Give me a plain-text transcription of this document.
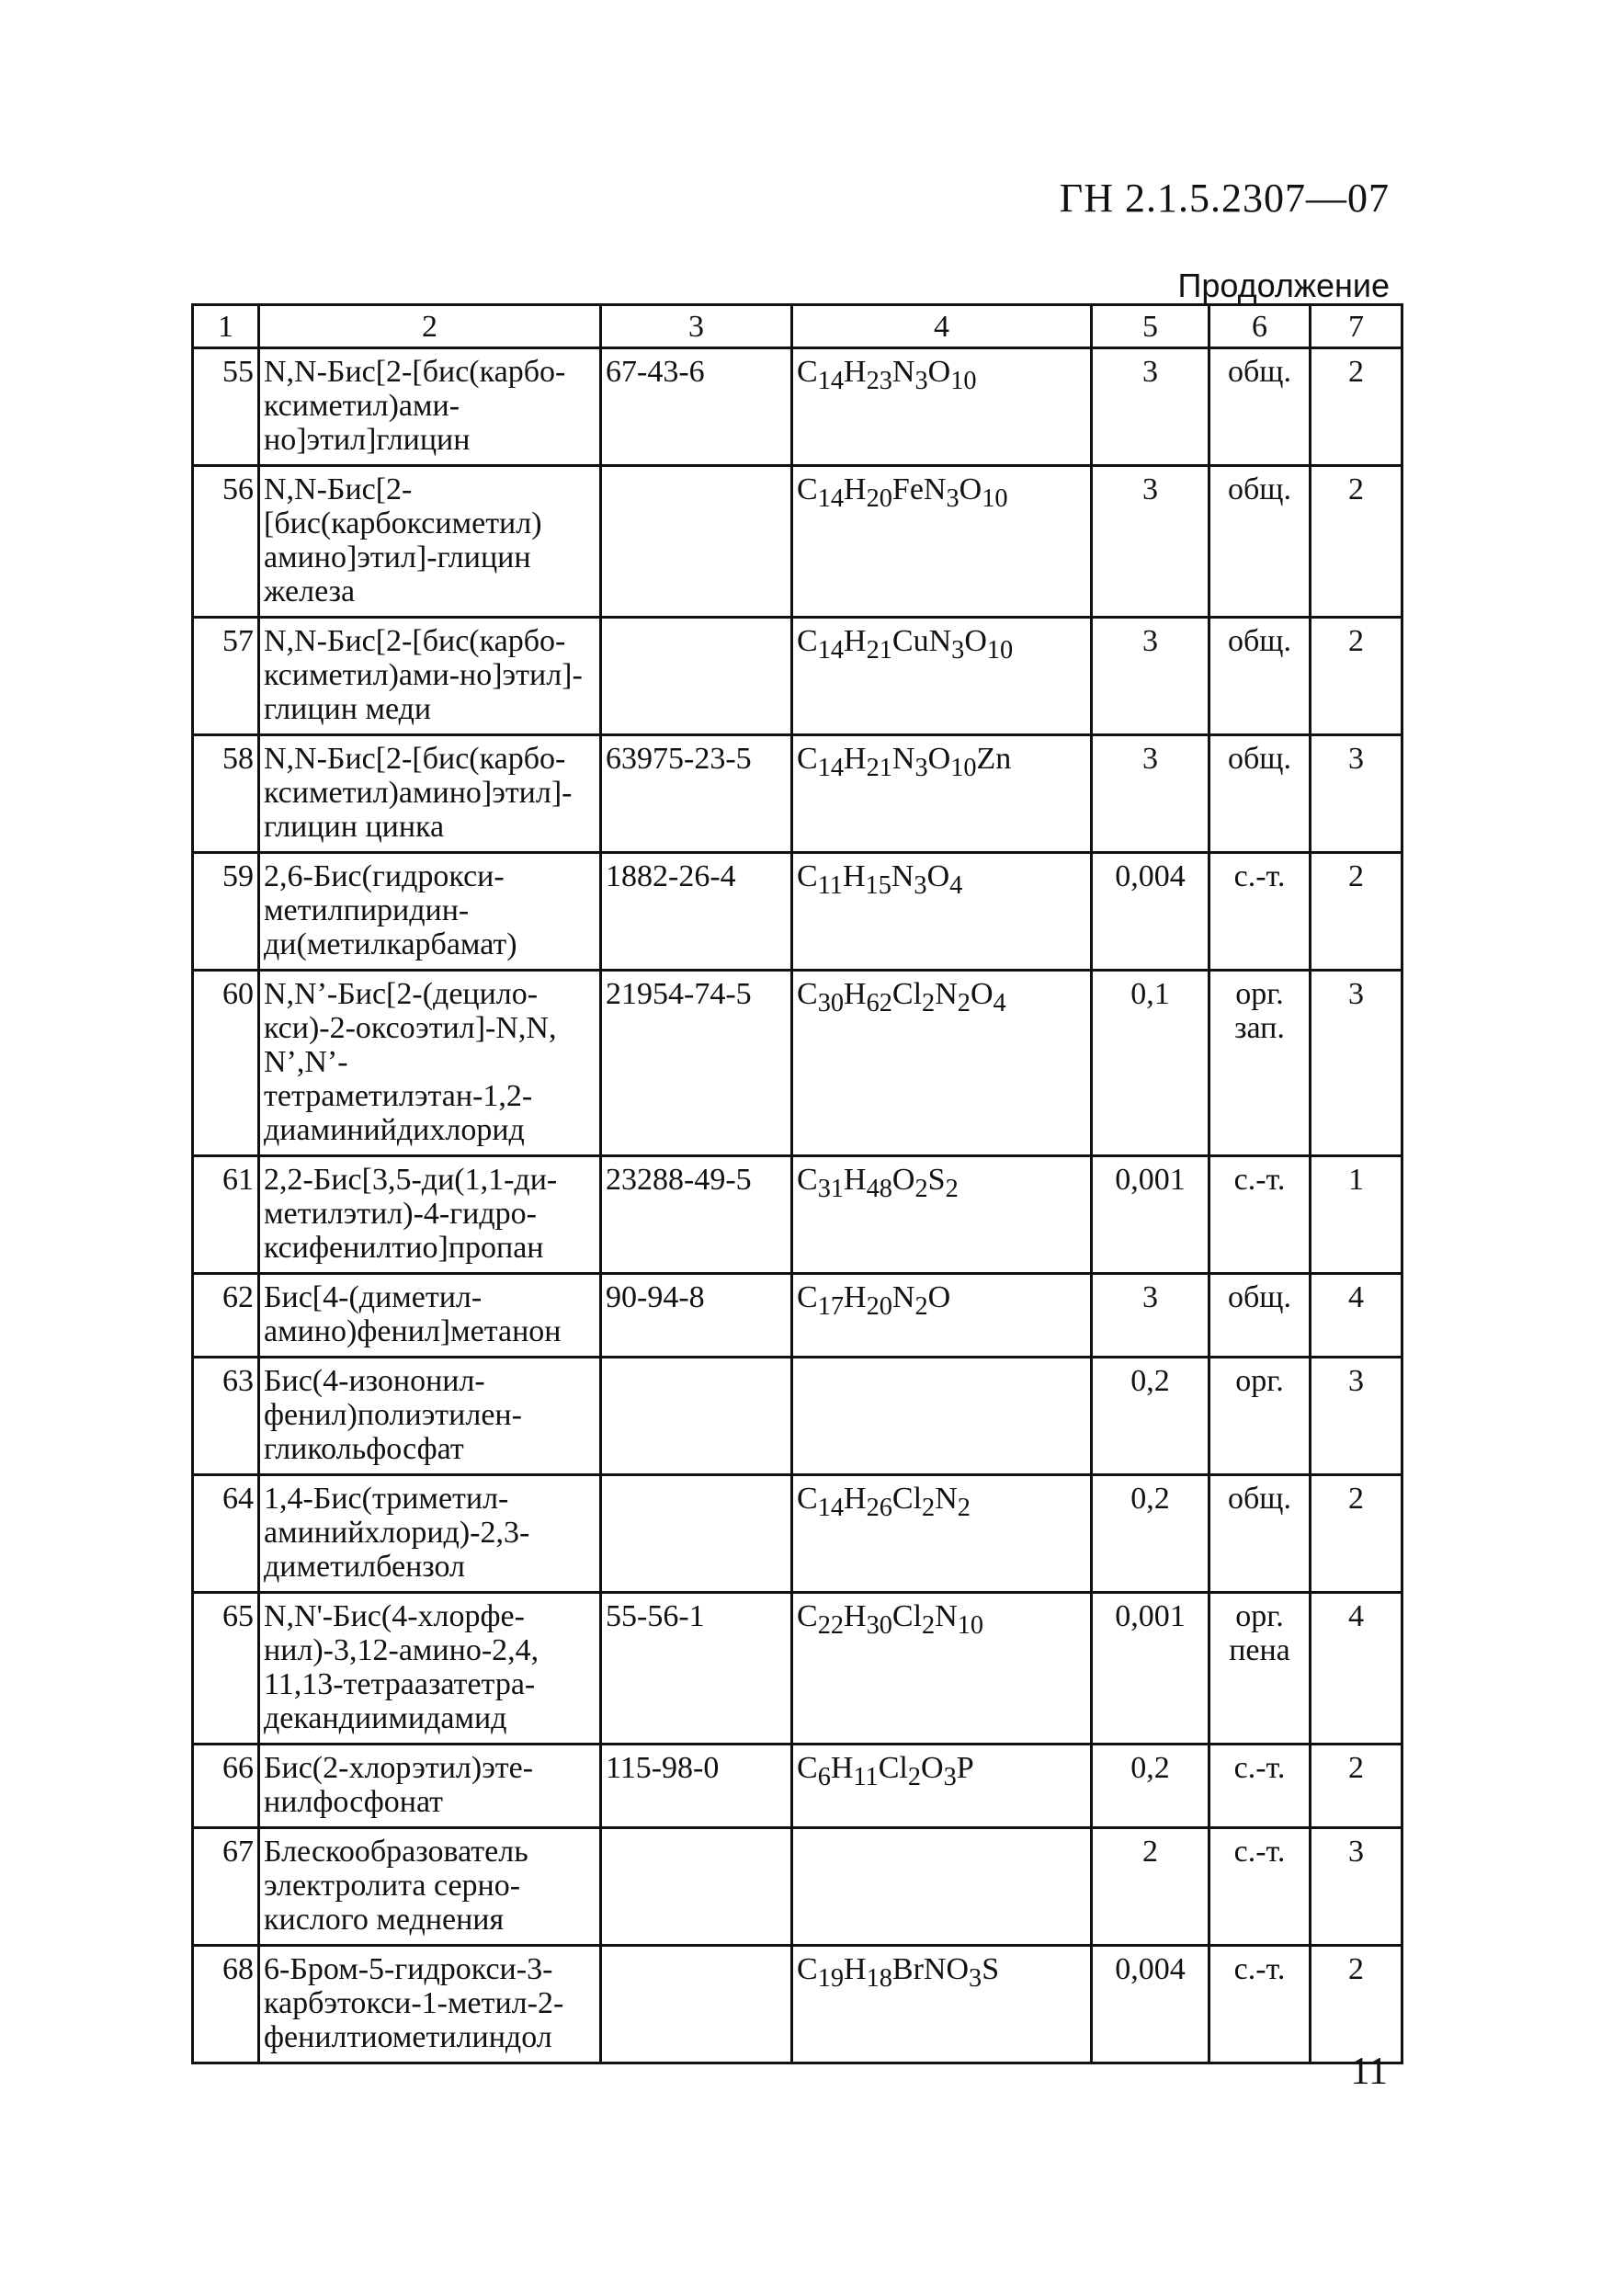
ГН 2.1.5.2307—07
Продолжение
1	2	3	4	5	6	7
55	N,N-Бис[2-[бис(карбо-ксиметил)ами-но]этил]глицин	67-43-6	$C_{14}H_{23}N_3O_{10}$	3	общ.	2
56	N,N-Бис[2-[бис(карбоксиметил) амино]этил]-глицин железа		$C_{14}H_{20}FeN_3O_{10}$	3	общ.	2
57	N,N-Бис[2-[бис(карбо-ксиметил)ами-но]этил]-глицин меди		$C_{14}H_{21}CuN_3O_{10}$	3	общ.	2
58	N,N-Бис[2-[бис(карбо-ксиметил)амино]этил]-глицин цинка	63975-23-5	$C_{14}H_{21}N_3O_{10}Zn$	3	общ.	3
59	2,6-Бис(гидрокси-метилпиридин-ди(метилкарбамат)	1882-26-4	$C_{11}H_{15}N_3O_4$	0,004	с.-т.	2
60	N,N’-Бис[2-(децило-кси)-2-оксоэтил]-N,N, N’,N’-тетраметилэтан-1,2-диаминийдихлорид	21954-74-5	$C_{30}H_{62}Cl_2N_2O_4$	0,1	орг. зап.	3
61	2,2-Бис[3,5-ди(1,1-ди-метилэтил)-4-гидро-ксифенилтио]пропан	23288-49-5	$C_{31}H_{48}O_2S_2$	0,001	с.-т.	1
62	Бис[4-(диметил-амино)фенил]метанон	90-94-8	$C_{17}H_{20}N_2O$	3	общ.	4
63	Бис(4-изононил-фенил)полиэтилен-гликольфосфат			0,2	орг.	3
64	1,4-Бис(триметил-аминийхлорид)-2,3-диметилбензол		$C_{14}H_{26}Cl_2N_2$	0,2	общ.	2
65	N,N'-Бис(4-хлорфе-нил)-3,12-амино-2,4, 11,13-тетраазатетра-декандиимидамид	55-56-1	$C_{22}H_{30}Cl_2N_{10}$	0,001	орг. пена	4
66	Бис(2-хлорэтил)эте-нилфосфонат	115-98-0	$C_6H_{11}Cl_2O_3P$	0,2	с.-т.	2
67	Блескообразователь электролита серно-кислого меднения			2	с.-т.	3
68	6-Бром-5-гидрокси-3-карбэтокси-1-метил-2-фенилтиометилиндол		$C_{19}H_{18}BrNO_3S$	0,004	с.-т.	2
11
